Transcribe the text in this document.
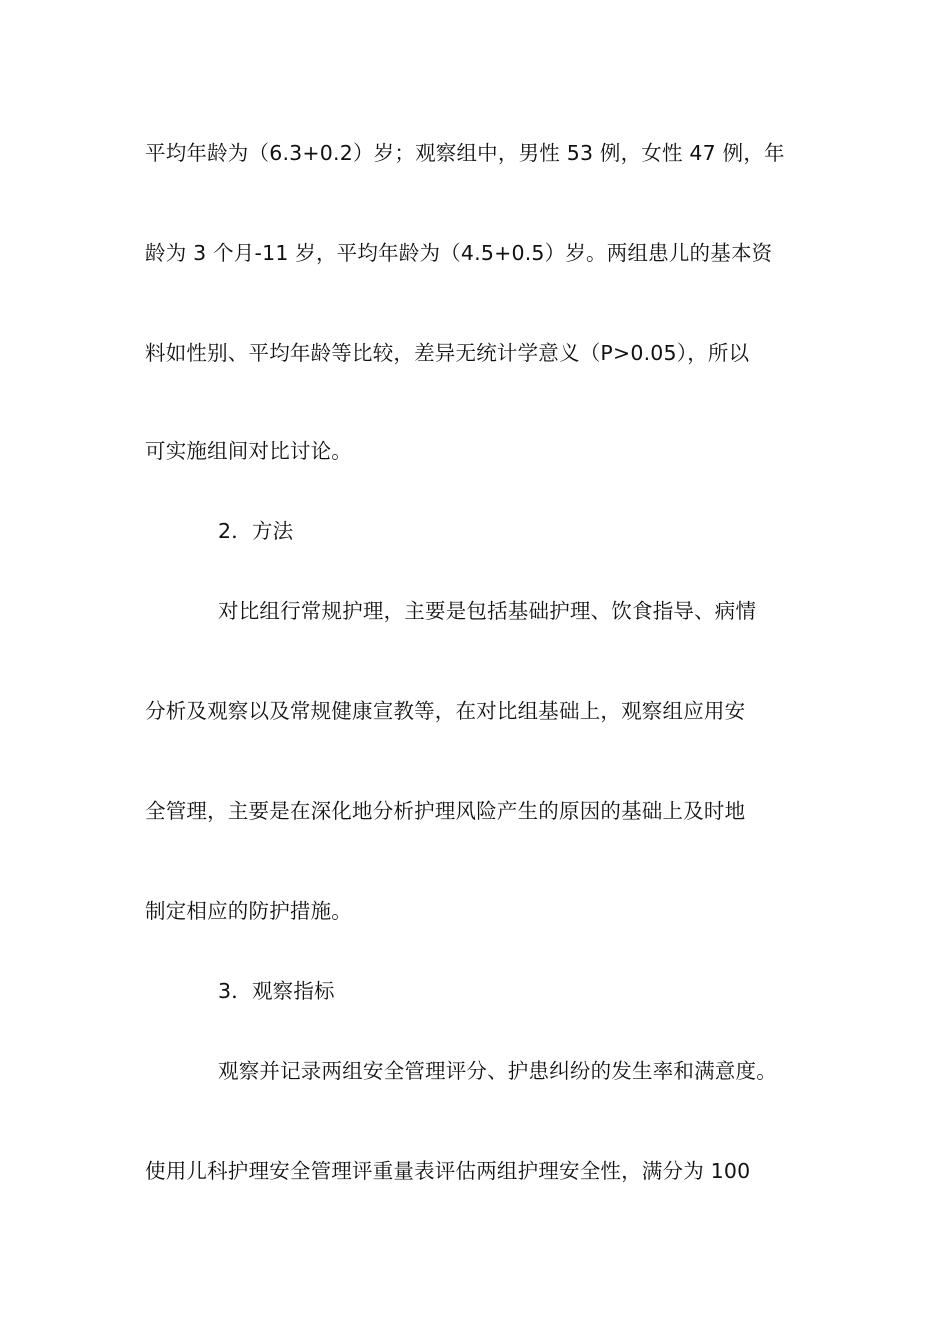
平均年龄为（6.3+0.2）岁；观察组中，男性 53 例，女性 47 例，年
龄为 3 个月-11 岁，平均年龄为（4.5+0.5）岁。两组患儿的基本资
料如性别、平均年龄等比较，差异无统计学意义（P>0.05），所以
可实施组间对比讨论。
2．方法
对比组行常规护理，主要是包括基础护理、饮食指导、病情
分析及观察以及常规健康宣教等，在对比组基础上，观察组应用安
全管理，主要是在深化地分析护理风险产生的原因的基础上及时地
制定相应的防护措施。
3．观察指标
观察并记录两组安全管理评分、护患纠纷的发生率和满意度。
使用儿科护理安全管理评重量表评估两组护理安全性，满分为 100
